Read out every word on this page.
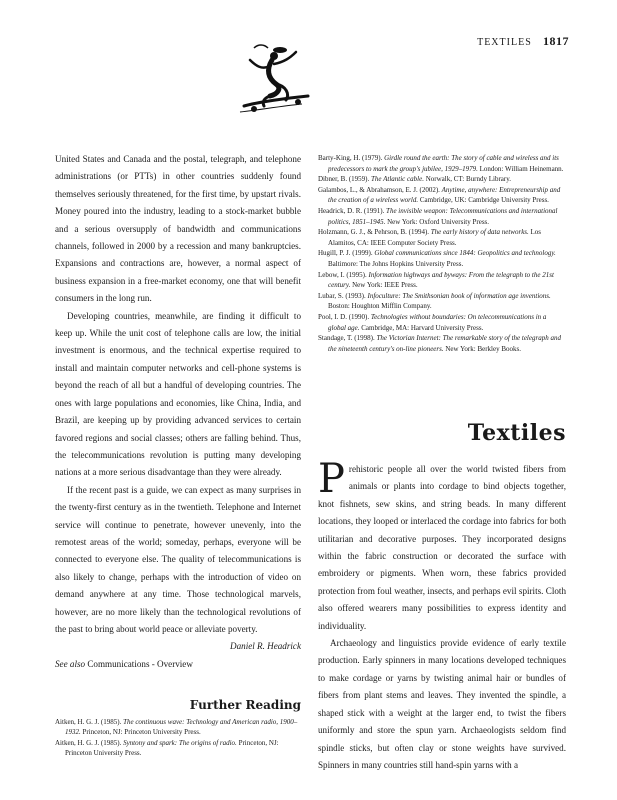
TEXTILES 1817

United States and Canada and the postal, telegraph, and telephone administrations (or PTTs) in other countries suddenly found themselves seriously threatened, for the first time, by upstart rivals. Money poured into the industry, leading to a stock-market bubble and a serious oversupply of bandwidth and communications channels, followed in 2000 by a recession and many bankruptcies. Expansions and contractions are, however, a normal aspect of business expansion in a free-market economy, one that will benefit consumers in the long run.

Developing countries, meanwhile, are finding it difficult to keep up. While the unit cost of telephone calls are low, the initial investment is enormous, and the technical expertise required to install and maintain computer networks and cell-phone systems is beyond the reach of all but a handful of developing countries. The ones with large populations and economies, like China, India, and Brazil, are keeping up by providing advanced services to certain favored regions and social classes; others are falling behind. Thus, the telecommunications revolution is putting many developing nations at a more serious disadvantage than they were already.

If the recent past is a guide, we can expect as many surprises in the twenty-first century as in the twentieth. Telephone and Internet service will continue to penetrate, however unevenly, into the remotest areas of the world; someday, perhaps, everyone will be connected to everyone else. The quality of telecommunications is also likely to change, perhaps with the introduction of video on demand anywhere at any time. Those technological marvels, however, are no more likely than the technological revolutions of the past to bring about world peace or alleviate poverty.

Daniel R. Headrick

See also Communications - Overview

Further Reading

Aitken, H. G. J. (1985). The continuous wave: Technology and American radio, 1900–1932. Princeton, NJ: Princeton University Press.

Aitken, H. G. J. (1985). Syntony and spark: The origins of radio. Princeton, NJ: Princeton University Press.

Barty-King, H. (1979). Girdle round the earth: The story of cable and wireless and its predecessors to mark the group's jubilee, 1929–1979. London: William Heinemann.

Dibner, B. (1959). The Atlantic cable. Norwalk, CT: Burndy Library.

Galambos, L., & Abrahamson, E. J. (2002). Anytime, anywhere: Entrepreneurship and the creation of a wireless world. Cambridge, UK: Cambridge University Press.

Headrick, D. R. (1991). The invisible weapon: Telecommunications and international politics, 1851–1945. New York: Oxford University Press.

Holzmann, G. J., & Pehrson, B. (1994). The early history of data networks. Los Alamitos, CA: IEEE Computer Society Press.

Hugill, P. J. (1999). Global communications since 1844: Geopolitics and technology. Baltimore: The Johns Hopkins University Press.

Lebow, I. (1995). Information highways and byways: From the telegraph to the 21st century. New York: IEEE Press.

Lubar, S. (1993). Infoculture: The Smithsonian book of information age inventions. Boston: Houghton Mifflin Company.

Pool, I. D. (1990). Technologies without boundaries: On telecommunications in a global age. Cambridge, MA: Harvard University Press.

Standage, T. (1998). The Victorian Internet: The remarkable story of the telegraph and the nineteenth century's on-line pioneers. New York: Berkley Books.

Textiles

Prehistoric people all over the world twisted fibers from animals or plants into cordage to bind objects together, knot fishnets, sew skins, and string beads. In many different locations, they looped or interlaced the cordage into fabrics for both utilitarian and decorative purposes. They incorporated designs within the fabric construction or decorated the surface with embroidery or pigments. When worn, these fabrics provided protection from foul weather, insects, and perhaps evil spirits. Cloth also offered wearers many possibilities to express identity and individuality.

Archaeology and linguistics provide evidence of early textile production. Early spinners in many locations developed techniques to make cordage or yarns by twisting animal hair or bundles of fibers from plant stems and leaves. They invented the spindle, a shaped stick with a weight at the larger end, to twist the fibers uniformly and store the spun yarn. Archaeologists seldom find spindle sticks, but often clay or stone weights have survived. Spinners in many countries still hand-spin yarns with a
